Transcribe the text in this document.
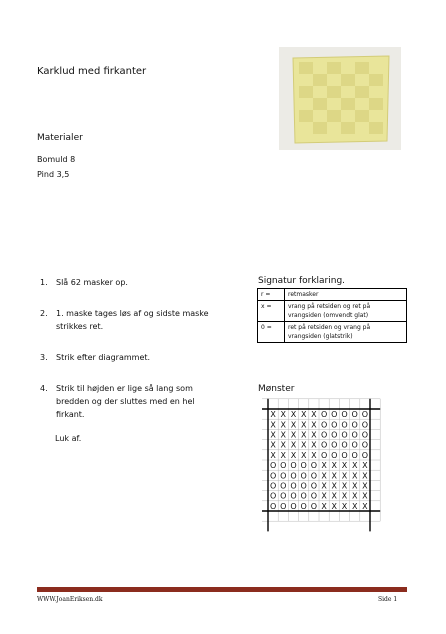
Karklud med firkanter
Materialer
Bomuld 8
Pind 3,5
1. Slå 62 masker op.
2. 1. maske tages løs af og sidste maske strikkes ret.
3. Strik efter diagrammet.
4. Strik til højden er lige så lang som bredden og der sluttes med en hel firkant.
Luk af.
Signatur forklaring.
r =	retmasker
x =	vrang på retsiden og ret på vrangsiden (omvendt glat)
0 =	ret på retsiden og vrang på vrangsiden (glatstrik)
Mønster
X X X X X O O O O O
X X X X X O O O O O
X X X X X O O O O O
X X X X X O O O O O
X X X X X O O O O O
O O O O O X X X X X
O O O O O X X X X X
O O O O O X X X X X
O O O O O X X X X X
O O O O O X X X X X
WWW.JoanEriksen.dk	Side 1
